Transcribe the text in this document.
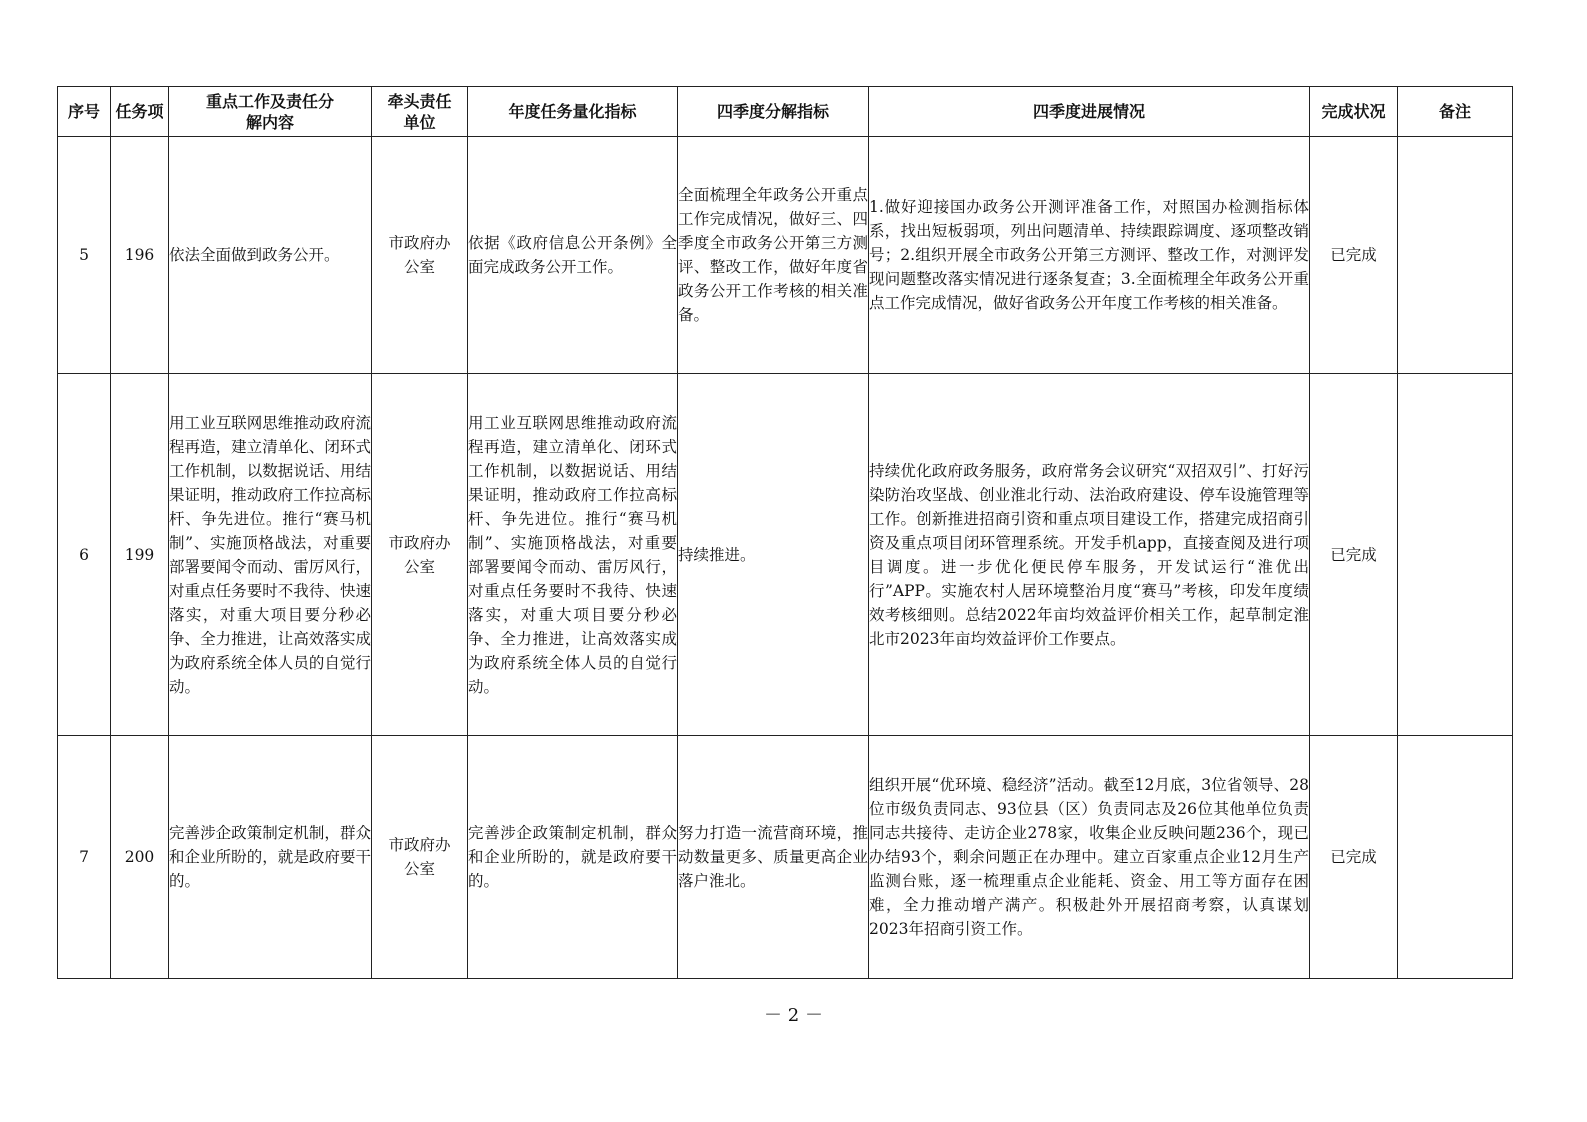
序号	任务项	重点工作及责任分解内容	牵头责任单位	年度任务量化指标	四季度分解指标	四季度进展情况	完成状况	备注
5	196	依法全面做到政务公开。	市政府办公室	依据《政府信息公开条例》全面完成政务公开工作。	全面梳理全年政务公开重点工作完成情况，做好三、四季度全市政务公开第三方测评、整改工作，做好年度省政务公开工作考核的相关准备。	1.做好迎接国办政务公开测评准备工作，对照国办检测指标体系，找出短板弱项，列出问题清单、持续跟踪调度、逐项整改销号；2.组织开展全市政务公开第三方测评、整改工作，对测评发现问题整改落实情况进行逐条复查；3.全面梳理全年政务公开重点工作完成情况，做好省政务公开年度工作考核的相关准备。	已完成	
6	199	用工业互联网思维推动政府流程再造，建立清单化、闭环式工作机制，以数据说话、用结果证明，推动政府工作拉高标杆、争先进位。推行“赛马机制”、实施顶格战法，对重要部署要闻令而动、雷厉风行，对重点任务要时不我待、快速落实，对重大项目要分秒必争、全力推进，让高效落实成为政府系统全体人员的自觉行动。	市政府办公室	用工业互联网思维推动政府流程再造，建立清单化、闭环式工作机制，以数据说话、用结果证明，推动政府工作拉高标杆、争先进位。推行“赛马机制”、实施顶格战法，对重要部署要闻令而动、雷厉风行，对重点任务要时不我待、快速落实，对重大项目要分秒必争、全力推进，让高效落实成为政府系统全体人员的自觉行动。	持续推进。	持续优化政府政务服务，政府常务会议研究“双招双引”、打好污染防治攻坚战、创业淮北行动、法治政府建设、停车设施管理等工作。创新推进招商引资和重点项目建设工作，搭建完成招商引资及重点项目闭环管理系统。开发手机app，直接查阅及进行项目调度。进一步优化便民停车服务，开发试运行“淮优出行”APP。实施农村人居环境整治月度“赛马”考核，印发年度绩效考核细则。总结2022年亩均效益评价相关工作，起草制定淮北市2023年亩均效益评价工作要点。	已完成	
7	200	完善涉企政策制定机制，群众和企业所盼的，就是政府要干的。	市政府办公室	完善涉企政策制定机制，群众和企业所盼的，就是政府要干的。	努力打造一流营商环境，推动数量更多、质量更高企业落户淮北。	组织开展“优环境、稳经济”活动。截至12月底，3位省领导、28位市级负责同志、93位县（区）负责同志及26位其他单位负责同志共接待、走访企业278家，收集企业反映问题236个，现已办结93个，剩余问题正在办理中。建立百家重点企业12月生产监测台账，逐一梳理重点企业能耗、资金、用工等方面存在困难，全力推动增产满产。积极赴外开展招商考察，认真谋划2023年招商引资工作。	已完成	
－ 2 －
